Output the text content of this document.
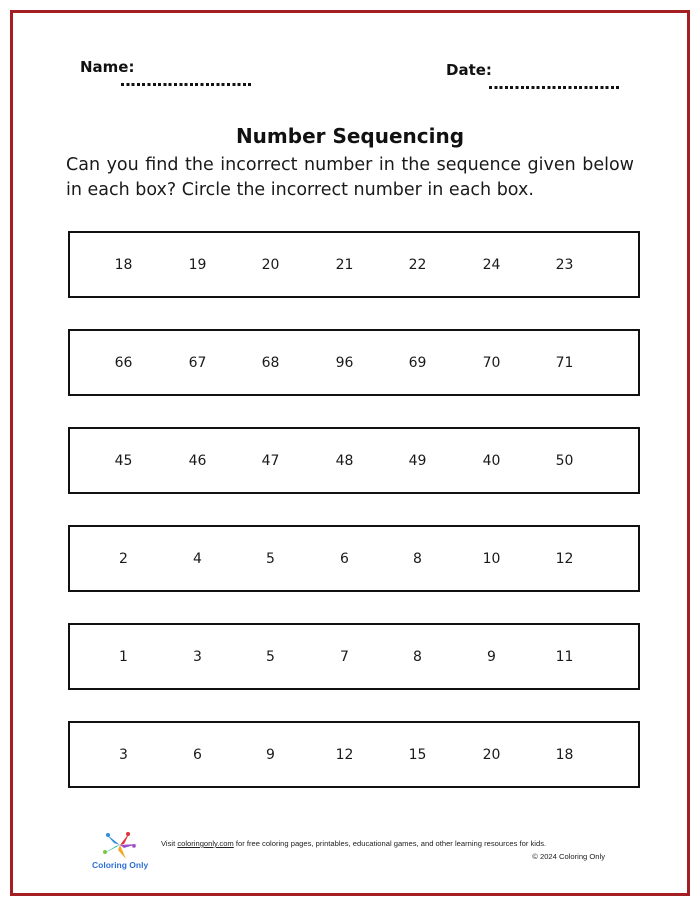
Name:	Date:
Number Sequencing
Can you find the incorrect number in the sequence given below in each box? Circle the incorrect number in each box.
18	19	20	21	22	24	23
66	67	68	96	69	70	71
45	46	47	48	49	40	50
2	4	5	6	8	10	12
1	3	5	7	8	9	11
3	6	9	12	15	20	18
Coloring Only
Visit coloringonly.com for free coloring pages, printables, educational games, and other learning resources for kids.
© 2024 Coloring Only
